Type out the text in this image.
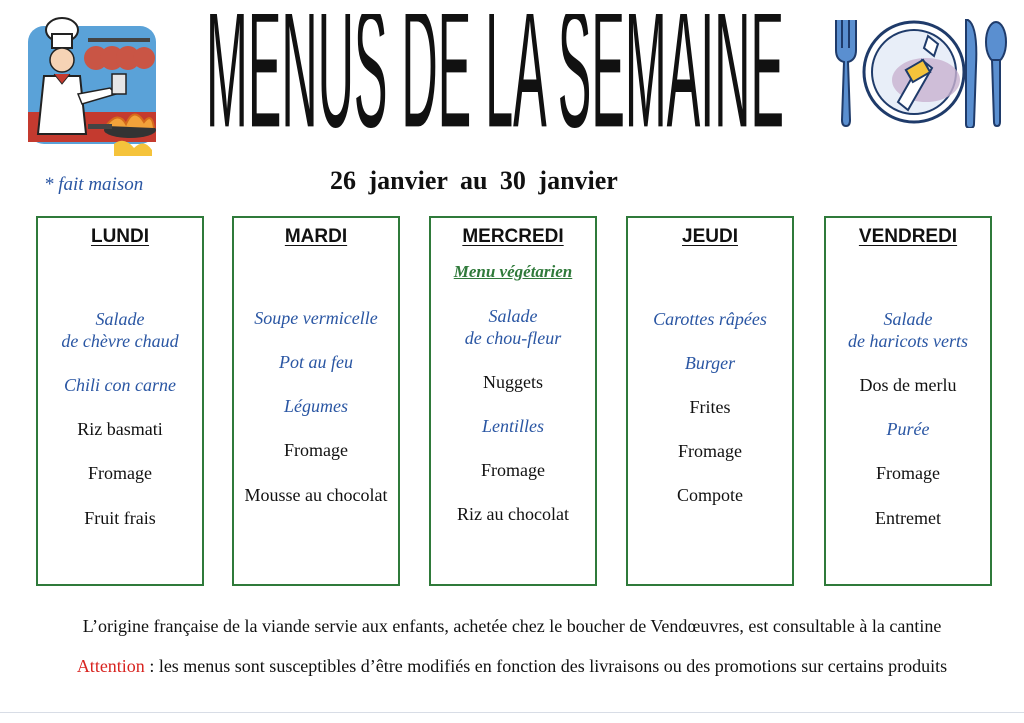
MENUS DE LA SEMAINE
* fait maison	26 janvier au 30 janvier
LUNDI
Salade
de chèvre chaud
Chili con carne
Riz basmati
Fromage
Fruit frais
MARDI
Soupe vermicelle
Pot au feu
Légumes
Fromage
Mousse au chocolat
MERCREDI
Menu végétarien
Salade
de chou-fleur
Nuggets
Lentilles
Fromage
Riz au chocolat
JEUDI
Carottes râpées
Burger
Frites
Fromage
Compote
VENDREDI
Salade
de haricots verts
Dos de merlu
Purée
Fromage
Entremet
L’origine française de la viande servie aux enfants, achetée chez le boucher de Vendœuvres, est consultable à la cantine
Attention : les menus sont susceptibles d’être modifiés en fonction des livraisons ou des promotions sur certains produits
